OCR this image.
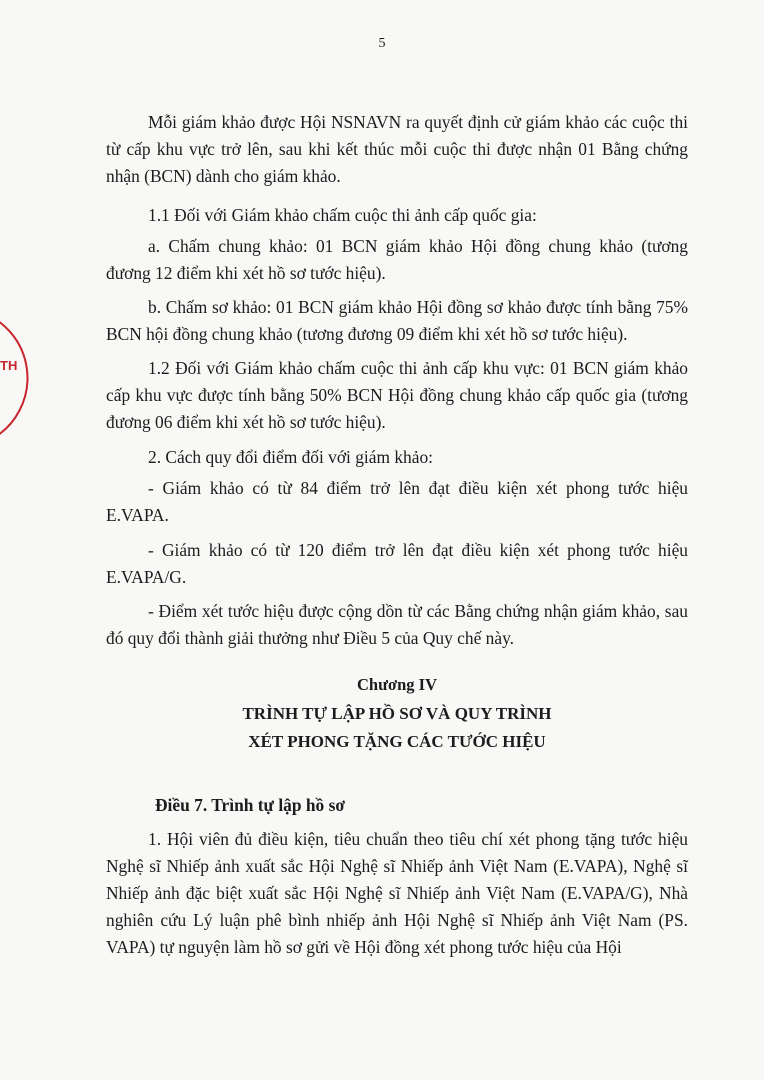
5
TH

Mỗi giám khảo được Hội NSNAVN ra quyết định cử giám khảo các cuộc thi từ cấp khu vực trở lên, sau khi kết thúc mỗi cuộc thi được nhận 01 Bằng chứng nhận (BCN) dành cho giám khảo.

1.1 Đối với Giám khảo chấm cuộc thi ảnh cấp quốc gia:

a. Chấm chung khảo: 01 BCN giám khảo Hội đồng chung khảo (tương đương 12 điểm khi xét hồ sơ tước hiệu).

b. Chấm sơ khảo: 01 BCN giám khảo Hội đồng sơ khảo được tính bằng 75% BCN hội đồng chung khảo (tương đương 09 điểm khi xét hồ sơ tước hiệu).

1.2 Đối với Giám khảo chấm cuộc thi ảnh cấp khu vực: 01 BCN giám khảo cấp khu vực được tính bằng 50% BCN Hội đồng chung khảo cấp quốc gia (tương đương 06 điểm khi xét hồ sơ tước hiệu).

2. Cách quy đổi điểm đối với giám khảo:

- Giám khảo có từ 84 điểm trở lên đạt điều kiện xét phong tước hiệu E.VAPA.

- Giám khảo có từ 120 điểm trở lên đạt điều kiện xét phong tước hiệu E.VAPA/G.

- Điểm xét tước hiệu được cộng dồn từ các Bằng chứng nhận giám khảo, sau đó quy đổi thành giải thưởng như Điều 5 của Quy chế này.

Chương IV
TRÌNH TỰ LẬP HỒ SƠ VÀ QUY TRÌNH
XÉT PHONG TẶNG CÁC TƯỚC HIỆU
Điều 7. Trình tự lập hồ sơ

1. Hội viên đủ điều kiện, tiêu chuẩn theo tiêu chí xét phong tặng tước hiệu Nghệ sĩ Nhiếp ảnh xuất sắc Hội Nghệ sĩ Nhiếp ảnh Việt Nam (E.VAPA), Nghệ sĩ Nhiếp ảnh đặc biệt xuất sắc Hội Nghệ sĩ Nhiếp ảnh Việt Nam (E.VAPA/G), Nhà nghiên cứu Lý luận phê bình nhiếp ảnh Hội Nghệ sĩ Nhiếp ảnh Việt Nam (PS. VAPA) tự nguyện làm hồ sơ gửi về Hội đồng xét phong tước hiệu của Hội
